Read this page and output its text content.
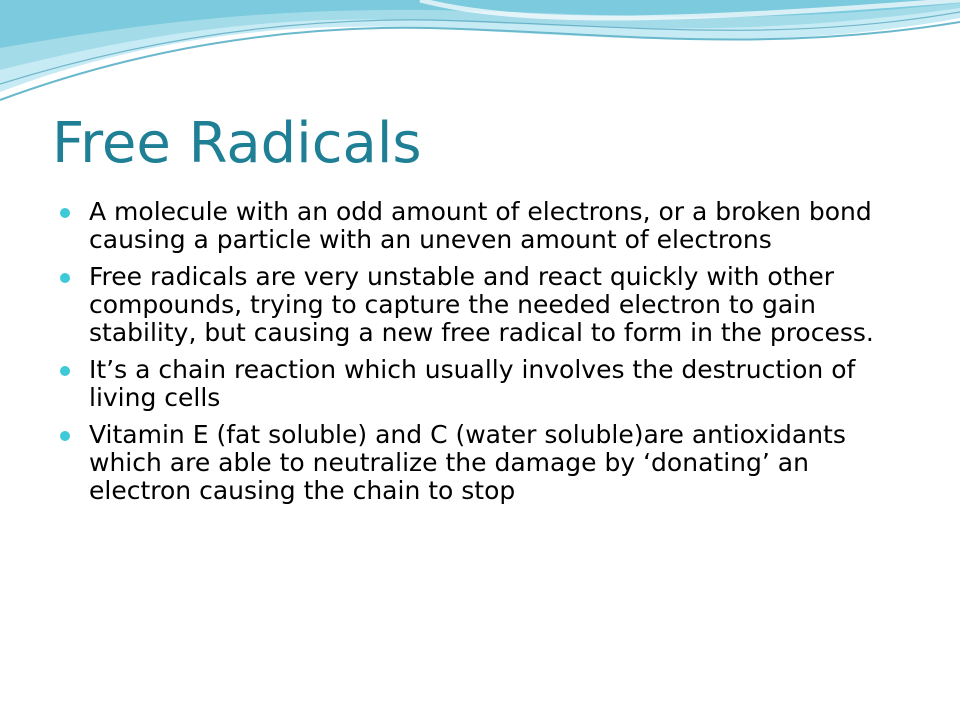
Free Radicals
A molecule with an odd amount of electrons, or a broken bond causing a particle with an uneven amount of electrons
Free radicals are very unstable and react quickly with other compounds, trying to capture the needed electron to gain stability, but causing a new free radical to form in the process.
It’s a chain reaction which usually involves the destruction of living cells
Vitamin E (fat soluble) and C (water soluble)are antioxidants which are able to neutralize the damage by ‘donating’ an electron causing the chain to stop
